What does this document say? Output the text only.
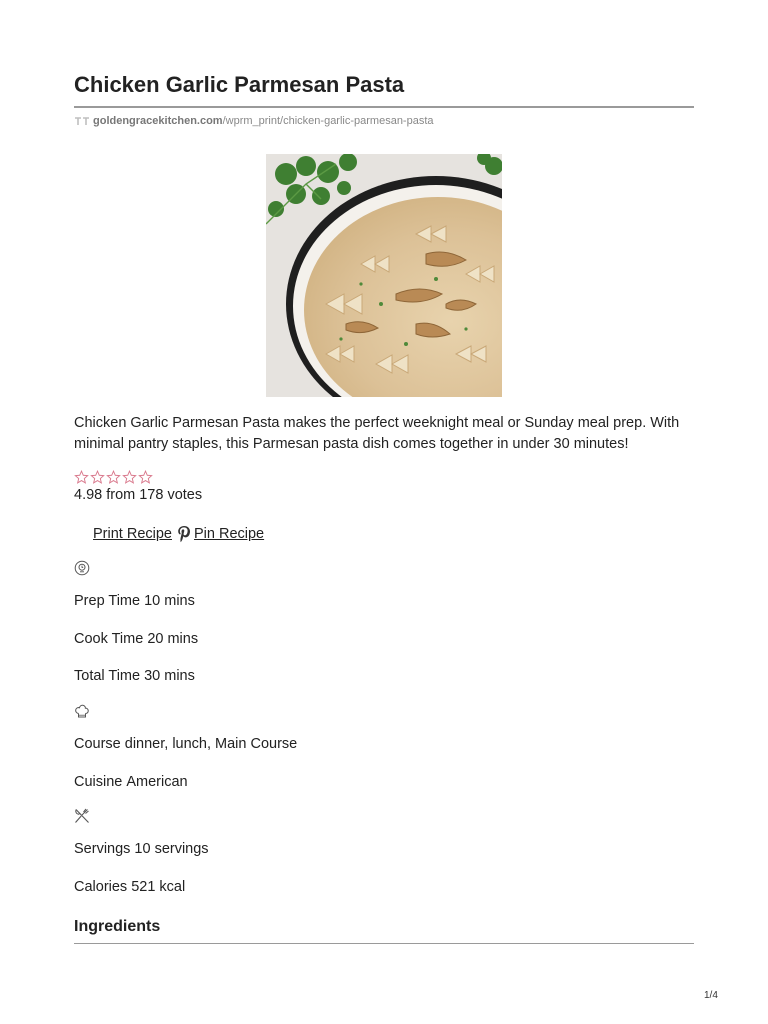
Chicken Garlic Parmesan Pasta
goldengracekitchen.com /wprm_print/chicken-garlic-parmesan-pasta

Chicken Garlic Parmesan Pasta makes the perfect weeknight meal or Sunday meal prep. With minimal pantry staples, this Parmesan pasta dish comes together in under 30 minutes!

4.98 from 178 votes
Print Recipe Pin Recipe
Prep Time 10 mins
Cook Time 20 mins
Total Time 30 mins
Course dinner, lunch, Main Course
Cuisine American
Servings 10 servings
Calories 521 kcal
Ingredients
1/4
